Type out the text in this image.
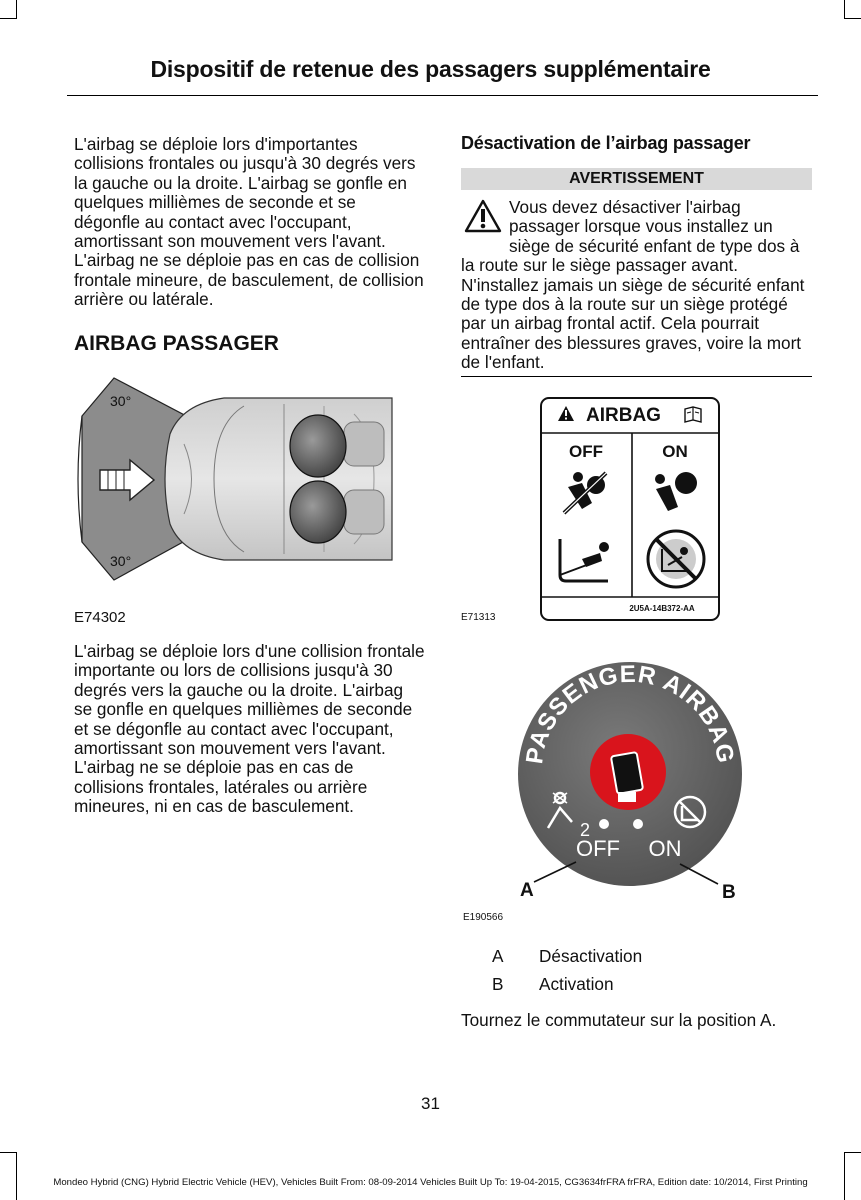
Dispositif de retenue des passagers supplémentaire
L'airbag se déploie lors d'importantes collisions frontales ou jusqu'à 30 degrés vers la gauche ou la droite. L'airbag se gonfle en quelques millièmes de seconde et se dégonfle au contact avec l'occupant, amortissant son mouvement vers l'avant. L'airbag ne se déploie pas en cas de collision frontale mineure, de basculement, de collision arrière ou latérale.
AIRBAG PASSAGER
30°
30°
E74302
L'airbag se déploie lors d'une collision frontale importante ou lors de collisions jusqu'à 30 degrés vers la gauche ou la droite. L'airbag se gonfle en quelques millièmes de seconde et se dégonfle au contact avec l'occupant, amortissant son mouvement vers l'avant. L'airbag ne se déploie pas en cas de collisions frontales, latérales ou arrière mineures, ni en cas de basculement.
Désactivation de l’airbag passager
AVERTISSEMENT
Vous devez désactiver l'airbag passager lorsque vous installez un siège de sécurité enfant de type dos à la route sur le siège passager avant. N'installez jamais un siège de sécurité enfant de type dos à la route sur un siège protégé par un airbag frontal actif. Cela pourrait entraîner des blessures graves, voire la mort de l'enfant.
AIRBAG
OFF	ON
2U5A-14B372-AA
E71313
PASSENGER AIRBAG
2
OFF ON
A	B
E190566
A Désactivation
B Activation
Tournez le commutateur sur la position A.
31
Mondeo Hybrid (CNG) Hybrid Electric Vehicle (HEV), Vehicles Built From: 08-09-2014 Vehicles Built Up To: 19-04-2015, CG3634frFRA frFRA, Edition date: 10/2014, First Printing
